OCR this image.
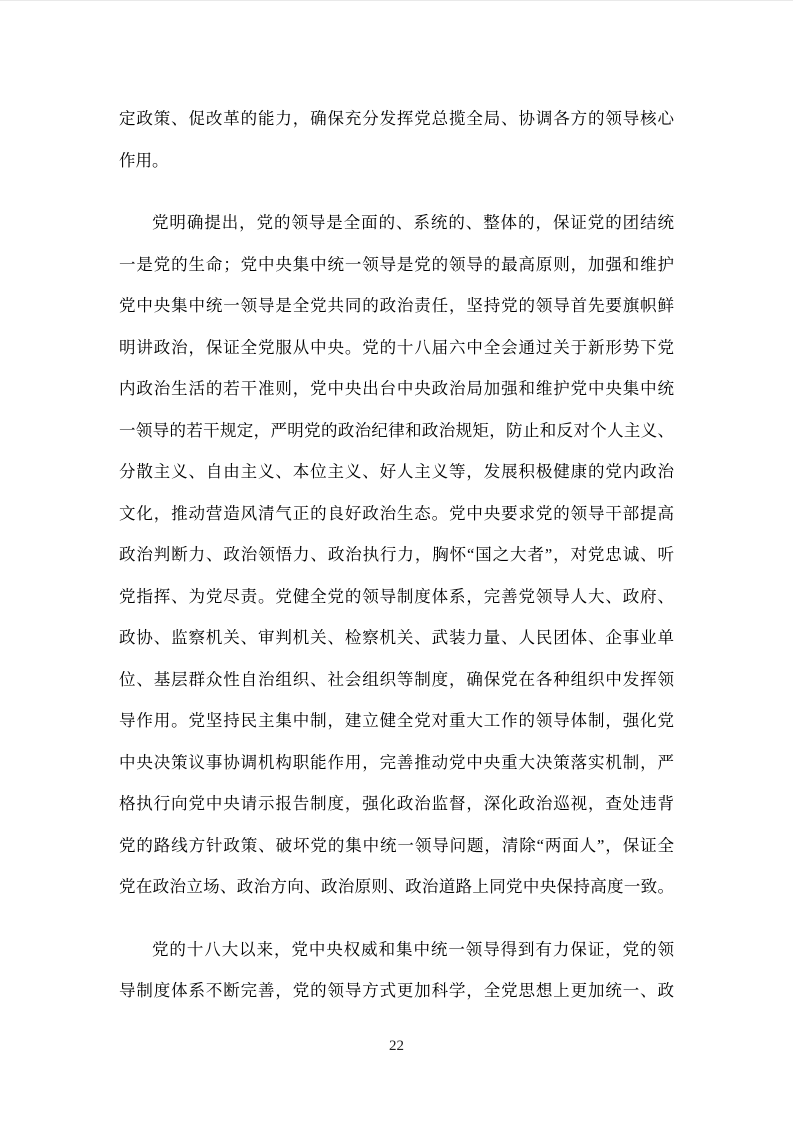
定政策、促改革的能力，确保充分发挥党总揽全局、协调各方的领导核心
作用。
党明确提出，党的领导是全面的、系统的、整体的，保证党的团结统
一是党的生命；党中央集中统一领导是党的领导的最高原则，加强和维护
党中央集中统一领导是全党共同的政治责任，坚持党的领导首先要旗帜鲜
明讲政治，保证全党服从中央。党的十八届六中全会通过关于新形势下党
内政治生活的若干准则，党中央出台中央政治局加强和维护党中央集中统
一领导的若干规定，严明党的政治纪律和政治规矩，防止和反对个人主义、
分散主义、自由主义、本位主义、好人主义等，发展积极健康的党内政治
文化，推动营造风清气正的良好政治生态。党中央要求党的领导干部提高
政治判断力、政治领悟力、政治执行力，胸怀“国之大者”，对党忠诚、听
党指挥、为党尽责。党健全党的领导制度体系，完善党领导人大、政府、
政协、监察机关、审判机关、检察机关、武装力量、人民团体、企事业单
位、基层群众性自治组织、社会组织等制度，确保党在各种组织中发挥领
导作用。党坚持民主集中制，建立健全党对重大工作的领导体制，强化党
中央决策议事协调机构职能作用，完善推动党中央重大决策落实机制，严
格执行向党中央请示报告制度，强化政治监督，深化政治巡视，查处违背
党的路线方针政策、破坏党的集中统一领导问题，清除“两面人”，保证全
党在政治立场、政治方向、政治原则、政治道路上同党中央保持高度一致。
党的十八大以来，党中央权威和集中统一领导得到有力保证，党的领
导制度体系不断完善，党的领导方式更加科学，全党思想上更加统一、政
22
